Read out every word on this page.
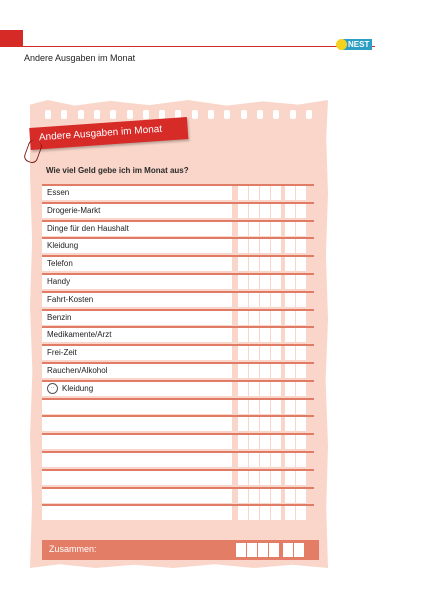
NEST
Andere Ausgaben im Monat
Andere Ausgaben im Monat
Wie viel Geld gebe ich im Monat aus?
Essen
Drogerie-Markt
Dinge für den Haushalt
Kleidung
Telefon
Handy
Fahrt-Kosten
Benzin
Medikamente/Arzt
Frei-Zeit
Rauchen/Alkohol
·· Kleidung
Zusammen:
